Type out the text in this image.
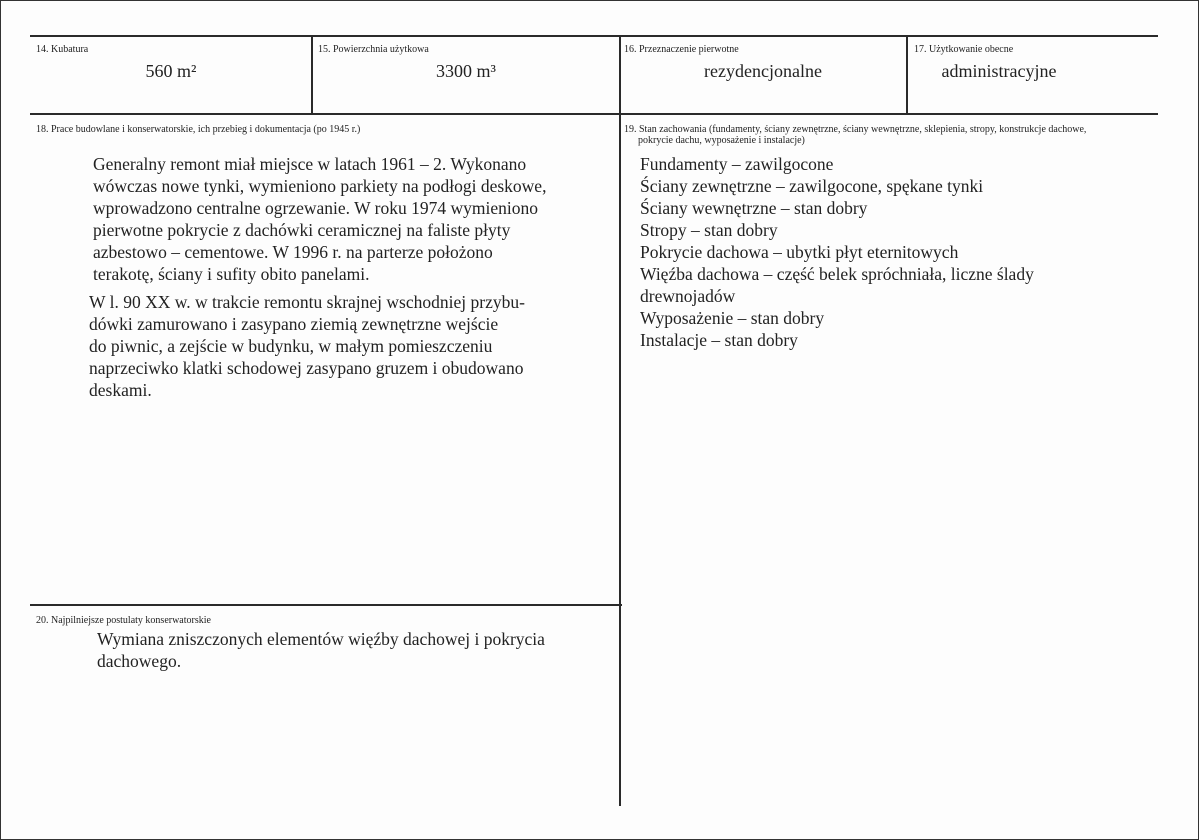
14. Kubatura
560 m²
15. Powierzchnia użytkowa
3300 m³
16. Przeznaczenie pierwotne
rezydencjonalne
17. Użytkowanie obecne
administracyjne
18. Prace budowlane i konserwatorskie, ich przebieg i dokumentacja (po 1945 r.)

Generalny remont miał miejsce w latach 1961 – 2. Wykonano
wówczas nowe tynki, wymieniono parkiety na podłogi deskowe,
wprowadzono centralne ogrzewanie. W roku 1974 wymieniono
pierwotne pokrycie z dachówki ceramicznej na faliste płyty
azbestowo – cementowe. W 1996 r. na parterze położono
terakotę, ściany i sufity obito panelami.

W l. 90 XX w. w trakcie remontu skrajnej wschodniej przybu-
dówki zamurowano i zasypano ziemią zewnętrzne wejście
do piwnic, a zejście w budynku, w małym pomieszczeniu
naprzeciwko klatki schodowej zasypano gruzem i obudowano
deskami.

19. Stan zachowania (fundamenty, ściany zewnętrzne, ściany wewnętrzne, sklepienia, stropy, konstrukcje dachowe,
pokrycie dachu, wyposażenie i instalacje)
Fundamenty – zawilgocone
Ściany zewnętrzne – zawilgocone, spękane tynki
Ściany wewnętrzne – stan dobry
Stropy – stan dobry
Pokrycie dachowa – ubytki płyt eternitowych
Więźba dachowa – część belek spróchniała, liczne ślady
drewnojadów
Wyposażenie – stan dobry
Instalacje – stan dobry
20. Najpilniejsze postulaty konserwatorskie
Wymiana zniszczonych elementów więźby dachowej i pokrycia
dachowego.
